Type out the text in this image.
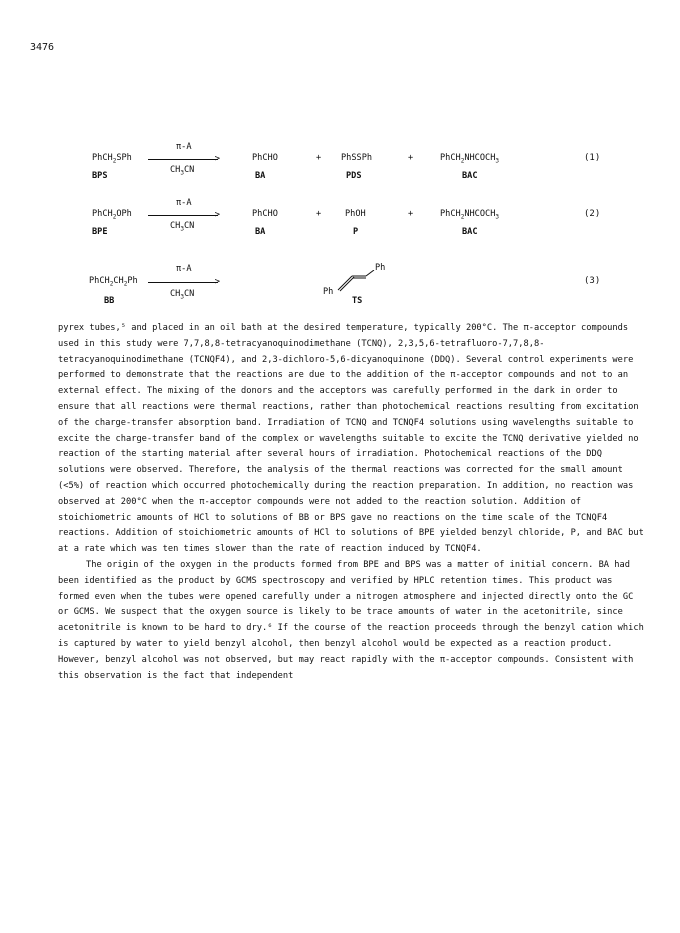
3476
PhCH$_2$SPh
BPS
>
π-A
$CH_3CN$
PhCHO
BA
+ PhSSPh
PDS
+	$PhCH_2NHCOCH_3$
BAC
(1)
PhCH$_2$OPh
BPE
>
π-A
$CH_3CN$
PhCHO
BA
+	PhOH
P
+	$PhCH_2NHCOCH_3$
BAC
(2)
$PhCH_2CH_2Ph$
BB
>
π-A
$CH_3CN$
Ph
Ph
TS
(3)

pyrex tubes,⁵ and placed in an oil bath at the desired temperature, typically 200°C. The π-acceptor compounds used in this study were 7,7,8,8-tetracyanoquinodimethane (TCNQ), 2,3,5,6-tetrafluoro-7,7,8,8-tetracyanoquinodimethane (TCNQF4), and 2,3-dichloro-5,6-dicyanoquinone (DDQ). Several control experiments were performed to demonstrate that the reactions are due to the addition of the π-acceptor compounds and not to an external effect. The mixing of the donors and the acceptors was carefully performed in the dark in order to ensure that all reactions were thermal reactions, rather than photochemical reactions resulting from excitation of the charge-transfer absorption band. Irradiation of TCNQ and TCNQF4 solutions using wavelengths suitable to excite the charge-transfer band of the complex or wavelengths suitable to excite the TCNQ derivative yielded no reaction of the starting material after several hours of irradiation. Photochemical reactions of the DDQ solutions were observed. Therefore, the analysis of the thermal reactions was corrected for the small amount (<5%) of reaction which occurred photochemically during the reaction preparation. In addition, no reaction was observed at 200°C when the π-acceptor compounds were not added to the reaction solution. Addition of stoichiometric amounts of HCl to solutions of BB or BPS gave no reactions on the time scale of the TCNQF4 reactions. Addition of stoichiometric amounts of HCl to solutions of BPE yielded benzyl chloride, P, and BAC but at a rate which was ten times slower than the rate of reaction induced by TCNQF4.

The origin of the oxygen in the products formed from BPE and BPS was a matter of initial concern. BA had been identified as the product by GCMS spectroscopy and verified by HPLC retention times. This product was formed even when the tubes were opened carefully under a nitrogen atmosphere and injected directly onto the GC or GCMS. We suspect that the oxygen source is likely to be trace amounts of water in the acetonitrile, since acetonitrile is known to be hard to dry.⁶ If the course of the reaction proceeds through the benzyl cation which is captured by water to yield benzyl alcohol, then benzyl alcohol would be expected as a reaction product. However, benzyl alcohol was not observed, but may react rapidly with the π-acceptor compounds. Consistent with this observation is the fact that independent
